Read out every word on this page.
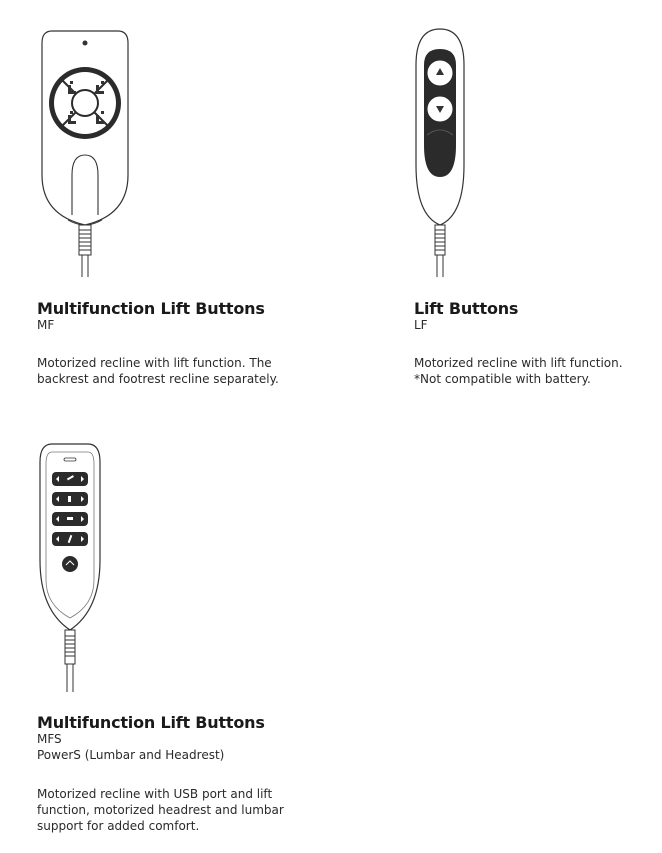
Multifunction Lift Buttons
MF

Motorized recline with lift function. The
backrest and footrest recline separately.

Lift Buttons
LF

Motorized recline with lift function.
*Not compatible with battery.

Multifunction Lift Buttons
MFS
PowerS (Lumbar and Headrest)

Motorized recline with USB port and lift
function, motorized headrest and lumbar
support for added comfort.
